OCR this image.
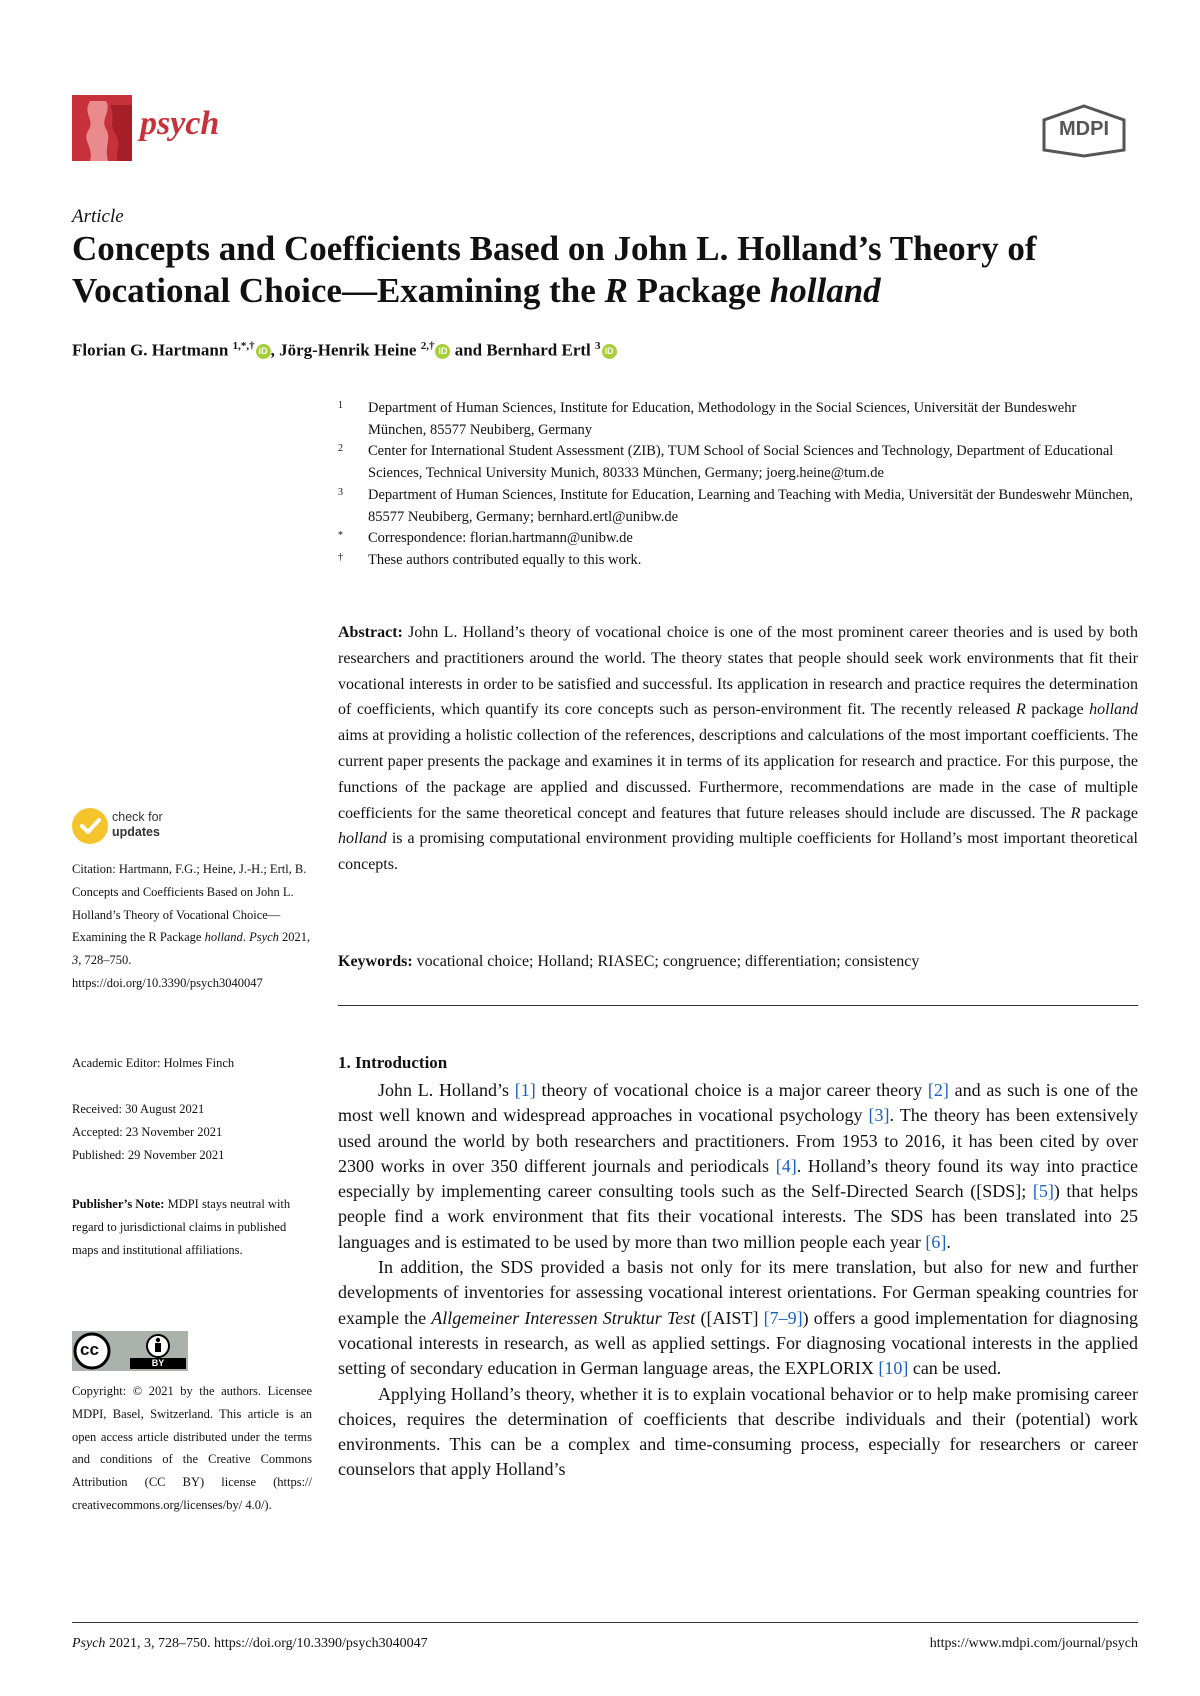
psych	MDPI
Article
Concepts and Coefficients Based on John L. Holland’s Theory of
Vocational Choice—Examining the R Package holland
Florian G. Hartmann $^{1,*,\dagger}$ iD , Jörg-Henrik Heine $^{2,\dagger}$ iD and Bernhard Ertl $^3$ iD
1 Department of Human Sciences, Institute for Education, Methodology in the Social Sciences, Universität der Bundeswehr München, 85577 Neubiberg, Germany
2 Center for International Student Assessment (ZIB), TUM School of Social Sciences and Technology, Department of Educational Sciences, Technical University Munich, 80333 München, Germany; joerg.heine@tum.de
3 Department of Human Sciences, Institute for Education, Learning and Teaching with Media, Universität der Bundeswehr München, 85577 Neubiberg, Germany; bernhard.ertl@unibw.de
* Correspondence: florian.hartmann@unibw.de
† These authors contributed equally to this work.

Abstract: John L. Holland’s theory of vocational choice is one of the most prominent career theories and is used by both researchers and practitioners around the world. The theory states that people should seek work environments that fit their vocational interests in order to be satisfied and successful. Its application in research and practice requires the determination of coefficients, which quantify its core concepts such as person-environment fit. The recently released R package holland aims at providing a holistic collection of the references, descriptions and calculations of the most important coefficients. The current paper presents the package and examines it in terms of its application for research and practice. For this purpose, the functions of the package are applied and discussed. Furthermore, recommendations are made in the case of multiple coefficients for the same theoretical concept and features that future releases should include are discussed. The R package holland is a promising computational environment providing multiple coefficients for Holland’s most important theoretical concepts.

Keywords: vocational choice; Holland; RIASEC; congruence; differentiation; consistency
check for
updates
Citation: Hartmann, F.G.; Heine, J.-H.; Ertl, B. Concepts and Coefficients Based on John L. Holland’s Theory of Vocational Choice—Examining the R Package holland. Psych 2021, 3, 728–750. https://doi.org/10.3390/psych3040047
Academic Editor: Holmes Finch
Received: 30 August 2021
Accepted: 23 November 2021
Published: 29 November 2021
Publisher’s Note: MDPI stays neutral with regard to jurisdictional claims in published maps and institutional affiliations.
cc
BY
Copyright: © 2021 by the authors. Licensee MDPI, Basel, Switzerland. This article is an open access article distributed under the terms and conditions of the Creative Commons Attribution (CC BY) license (https:// creativecommons.org/licenses/by/ 4.0/).
1. Introduction

John L. Holland’s [1] theory of vocational choice is a major career theory [2] and as such is one of the most well known and widespread approaches in vocational psychology [3]. The theory has been extensively used around the world by both researchers and practitioners. From 1953 to 2016, it has been cited by over 2300 works in over 350 different journals and periodicals [4]. Holland’s theory found its way into practice especially by implementing career consulting tools such as the Self-Directed Search ([SDS]; [5]) that helps people find a work environment that fits their vocational interests. The SDS has been translated into 25 languages and is estimated to be used by more than two million people each year [6].

In addition, the SDS provided a basis not only for its mere translation, but also for new and further developments of inventories for assessing vocational interest orientations. For German speaking countries for example the Allgemeiner Interessen Struktur Test ([AIST] [7–9]) offers a good implementation for diagnosing vocational interests in research, as well as applied settings. For diagnosing vocational interests in the applied setting of secondary education in German language areas, the EXPLORIX [10] can be used.

Applying Holland’s theory, whether it is to explain vocational behavior or to help make promising career choices, requires the determination of coefficients that describe individuals and their (potential) work environments. This can be a complex and time-consuming process, especially for researchers or career counselors that apply Holland’s

Psych 2021, 3, 728–750. https://doi.org/10.3390/psych3040047	https://www.mdpi.com/journal/psych
